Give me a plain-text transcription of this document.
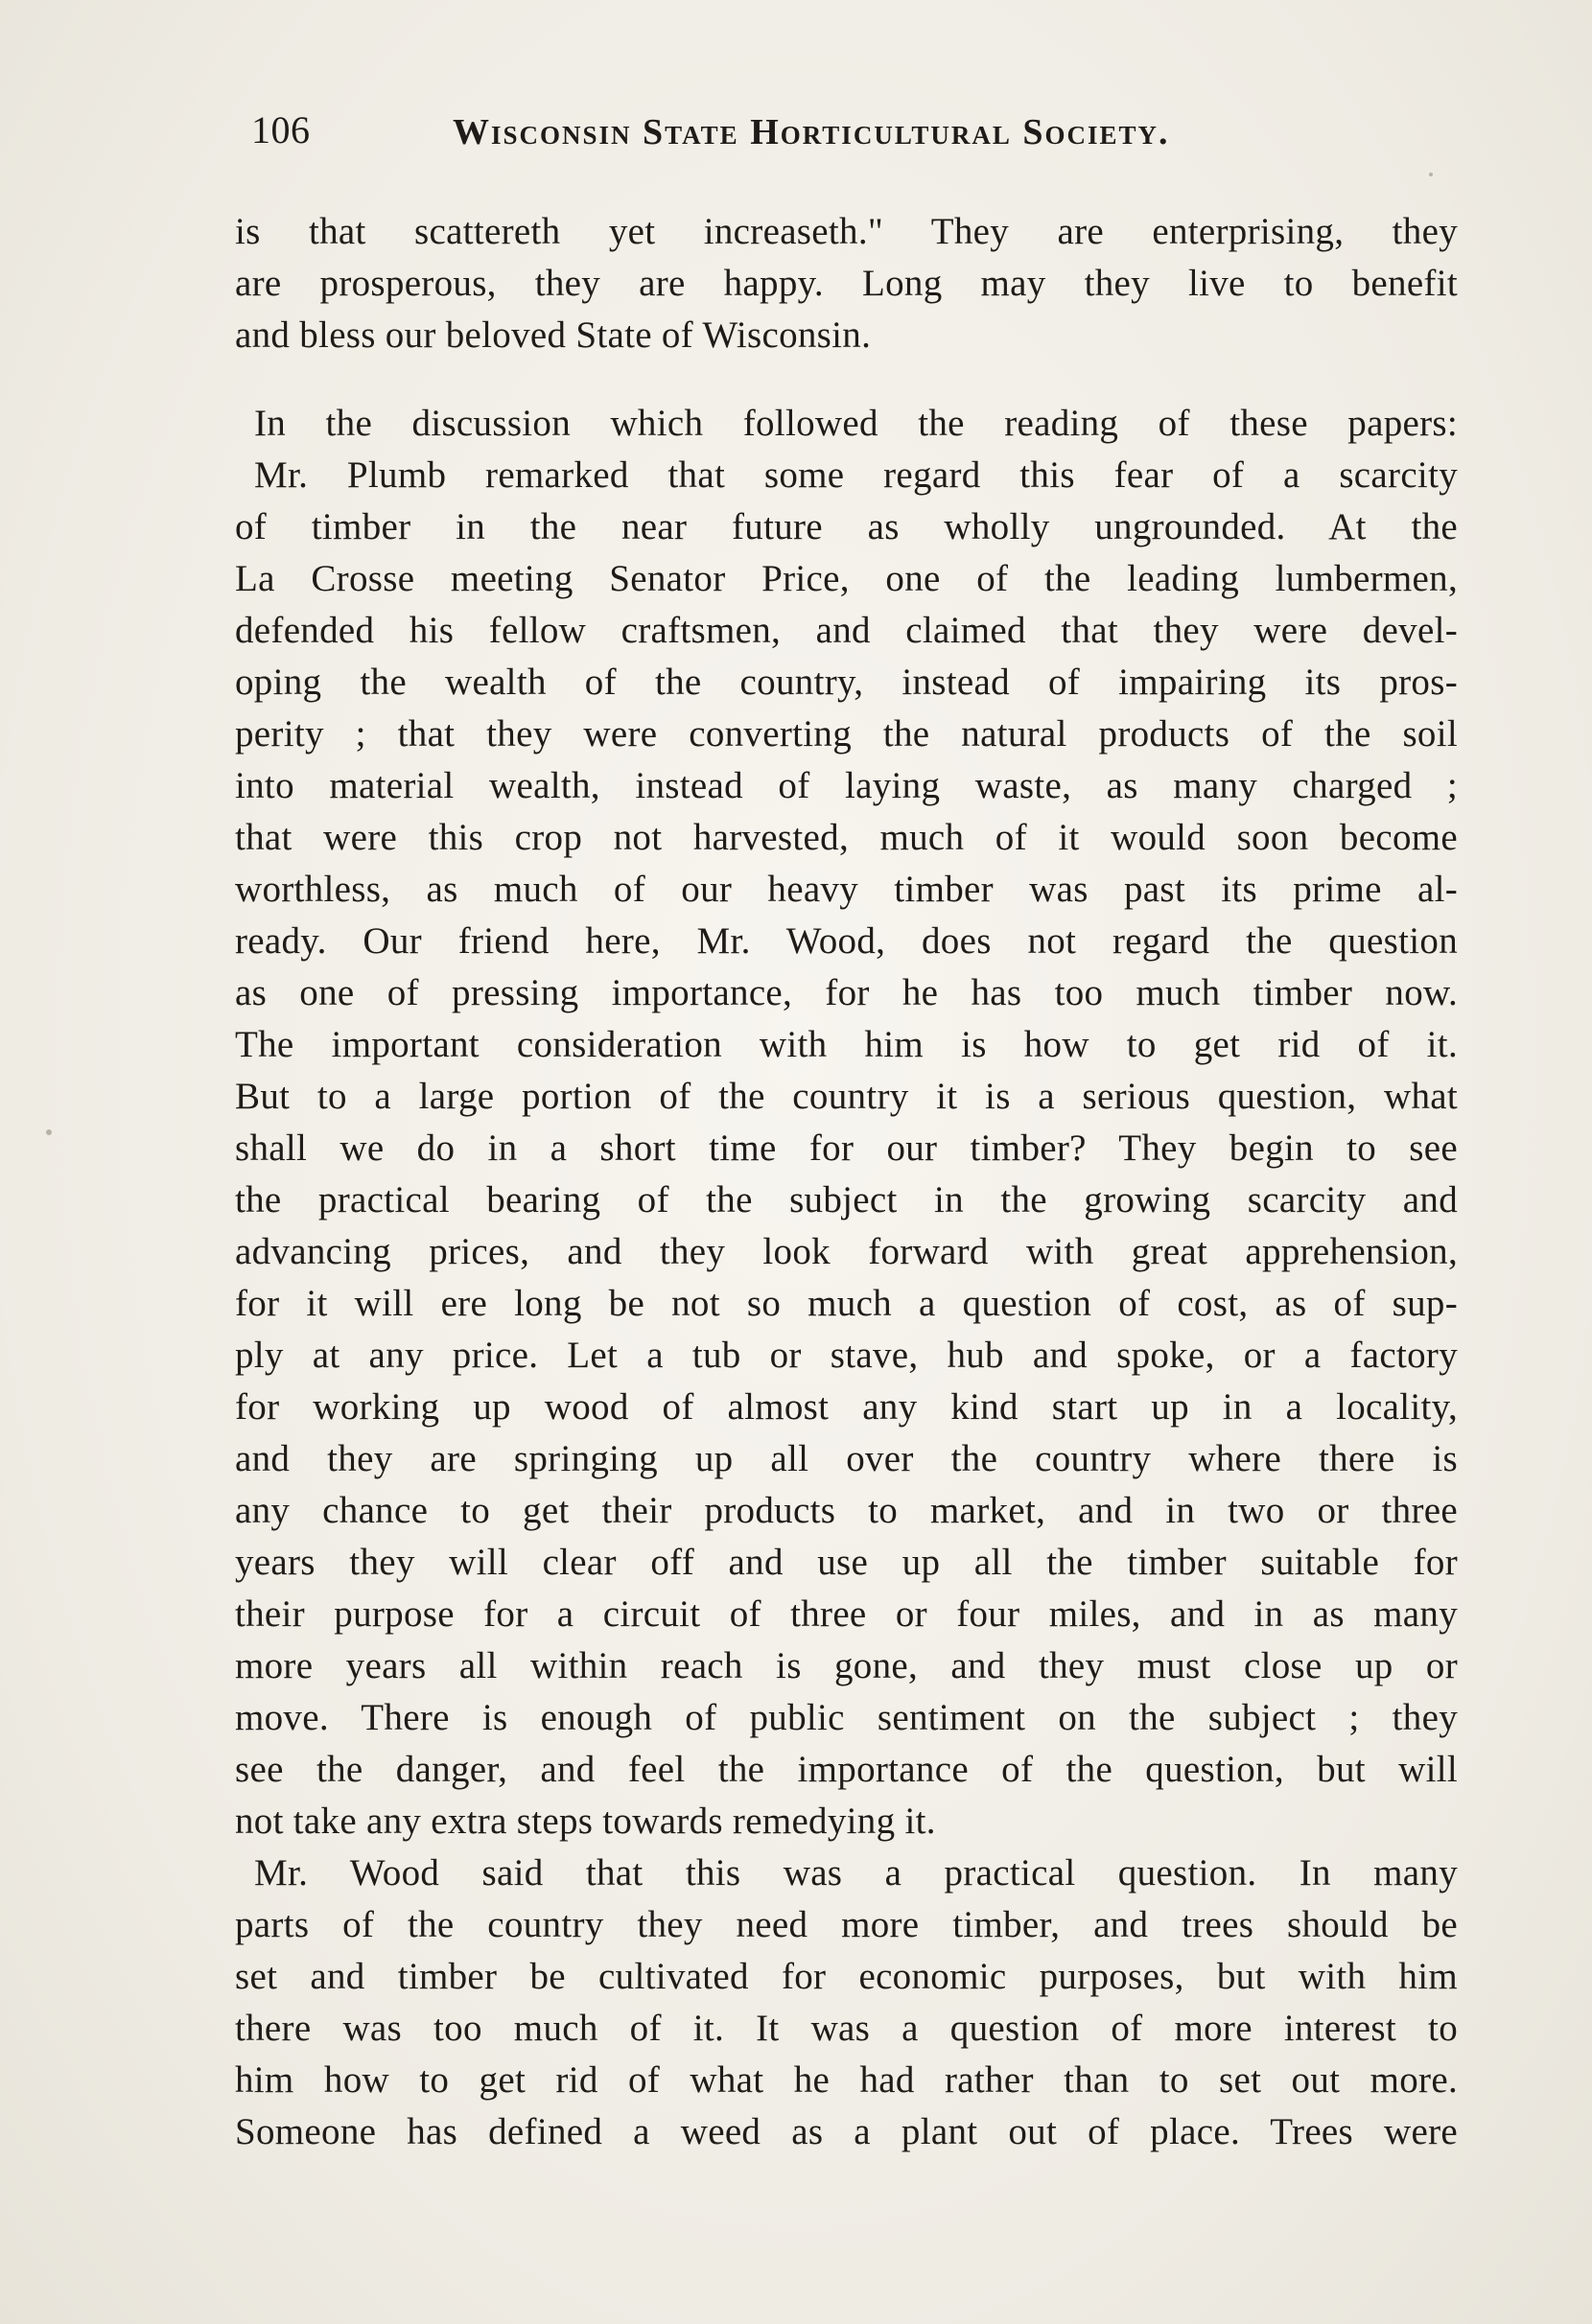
106	Wisconsin State Horticultural Society.
is that scattereth yet increaseth." They are enterprising, they
are prosperous, they are happy. Long may they live to benefit
and bless our beloved State of Wisconsin.
In the discussion which followed the reading of these papers:
Mr. Plumb remarked that some regard this fear of a scarcity
of timber in the near future as wholly ungrounded. At the
La Crosse meeting Senator Price, one of the leading lumbermen,
defended his fellow craftsmen, and claimed that they were devel-
oping the wealth of the country, instead of impairing its pros-
perity ; that they were converting the natural products of the soil
into material wealth, instead of laying waste, as many charged ;
that were this crop not harvested, much of it would soon become
worthless, as much of our heavy timber was past its prime al-
ready. Our friend here, Mr. Wood, does not regard the question
as one of pressing importance, for he has too much timber now.
The important consideration with him is how to get rid of it.
But to a large portion of the country it is a serious question, what
shall we do in a short time for our timber? They begin to see
the practical bearing of the subject in the growing scarcity and
advancing prices, and they look forward with great apprehension,
for it will ere long be not so much a question of cost, as of sup-
ply at any price. Let a tub or stave, hub and spoke, or a factory
for working up wood of almost any kind start up in a locality,
and they are springing up all over the country where there is
any chance to get their products to market, and in two or three
years they will clear off and use up all the timber suitable for
their purpose for a circuit of three or four miles, and in as many
more years all within reach is gone, and they must close up or
move. There is enough of public sentiment on the subject ; they
see the danger, and feel the importance of the question, but will
not take any extra steps towards remedying it.
Mr. Wood said that this was a practical question. In many
parts of the country they need more timber, and trees should be
set and timber be cultivated for economic purposes, but with him
there was too much of it. It was a question of more interest to
him how to get rid of what he had rather than to set out more.
Someone has defined a weed as a plant out of place. Trees were
